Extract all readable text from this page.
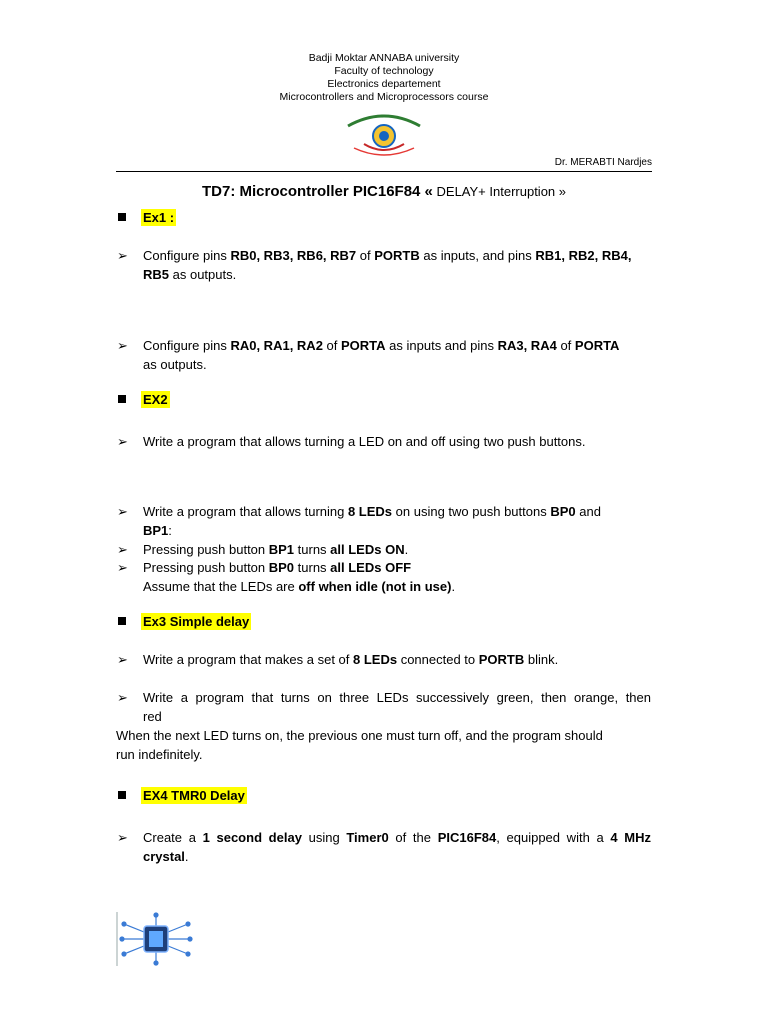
Badji Moktar ANNABA university
Faculty of technology
Electronics departement
Microcontrollers and Microprocessors course
Dr. MERABTI Nardjes
TD7: Microcontroller PIC16F84 « DELAY+ Interruption »
Ex1 :
➢ Configure pins RB0, RB3, RB6, RB7 of PORTB as inputs, and pins RB1, RB2, RB4,
RB5 as outputs.
➢ Configure pins RA0, RA1, RA2 of PORTA as inputs and pins RA3, RA4 of PORTA
as outputs.
EX2
➢ Write a program that allows turning a LED on and off using two push buttons.
➢ Write a program that allows turning 8 LEDs on using two push buttons BP0 and
BP1:
➢ Pressing push button BP1 turns all LEDs ON.
➢ Pressing push button BP0 turns all LEDs OFF
Assume that the LEDs are off when idle (not in use).
Ex3 Simple delay
➢ Write a program that makes a set of 8 LEDs connected to PORTB blink.
➢ Write a program that turns on three LEDs successively green, then orange, then
red
When the next LED turns on, the previous one must turn off, and the program should
run indefinitely.
EX4 TMR0 Delay
➢ Create a 1 second delay using Timer0 of the PIC16F84, equipped with a 4 MHz
crystal.
